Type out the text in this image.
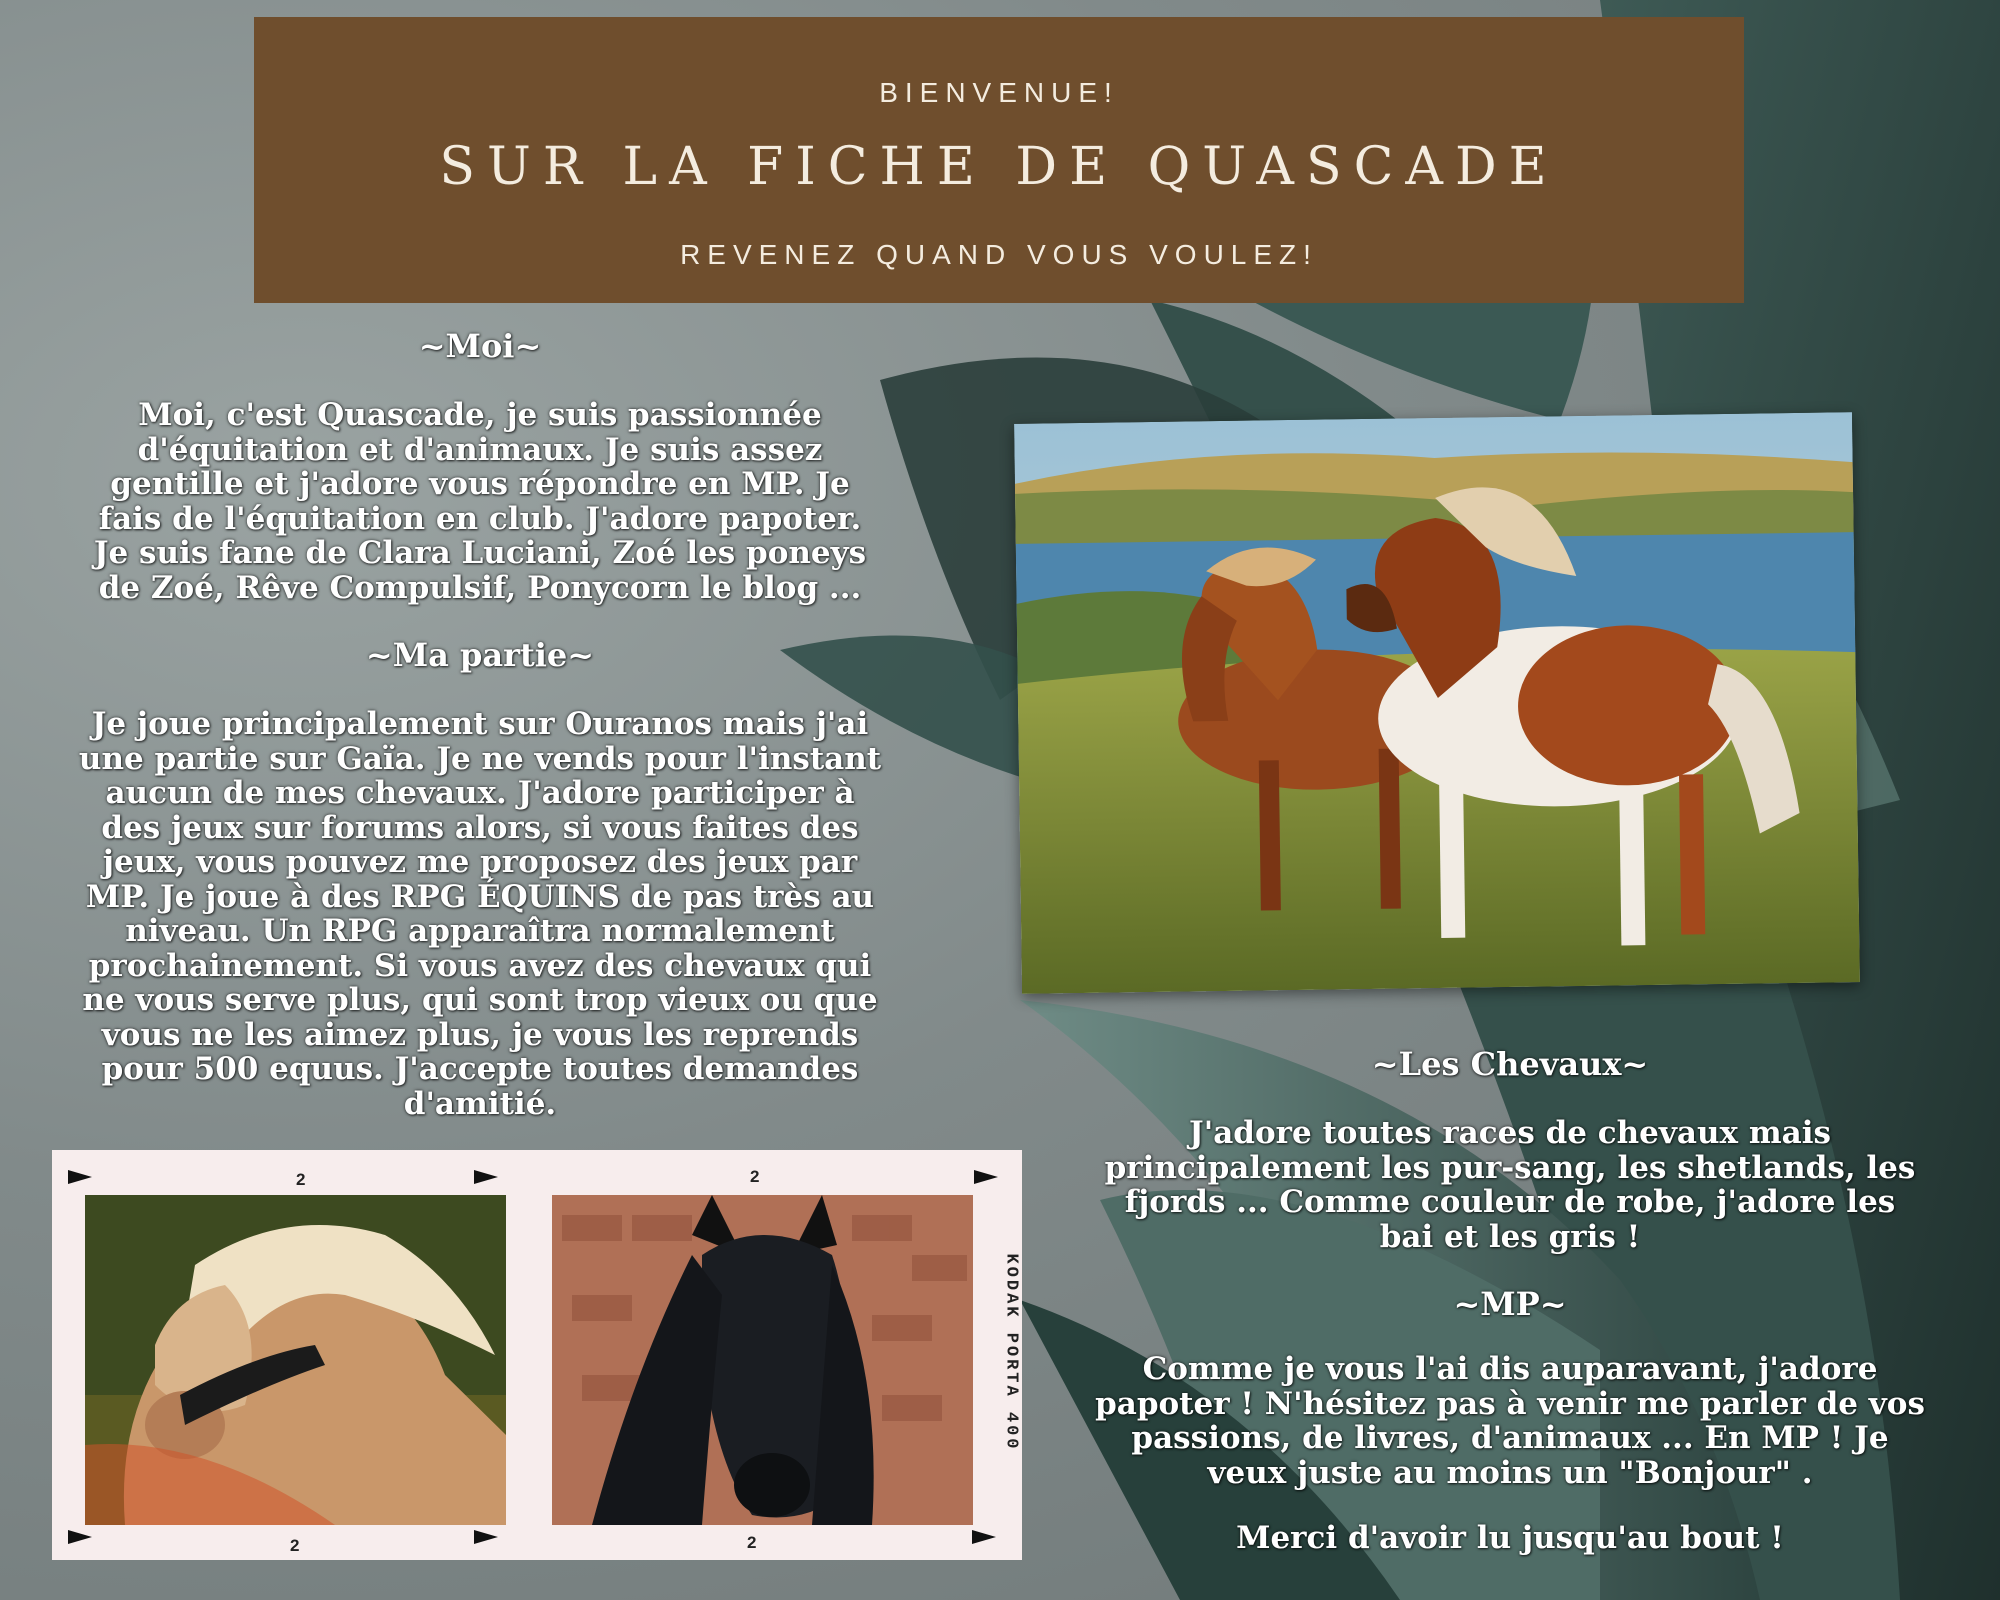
BIENVENUE!
SUR LA FICHE DE QUASCADE
REVENEZ QUAND VOUS VOULEZ!
~Moi~
Moi, c'est Quascade, je suis passionnée
d'équitation et d'animaux. Je suis assez
gentille et j'adore vous répondre en MP. Je
fais de l'équitation en club. J'adore papoter.
Je suis fane de Clara Luciani, Zoé les poneys
de Zoé, Rêve Compulsif, Ponycorn le blog ...
~Ma partie~
Je joue principalement sur Ouranos mais j'ai
une partie sur Gaïa. Je ne vends pour l'instant
aucun de mes chevaux. J'adore participer à
des jeux sur forums alors, si vous faites des
jeux, vous pouvez me proposez des jeux par
MP. Je joue à des RPG ÉQUINS de pas très au
niveau. Un RPG apparaîtra normalement
prochainement. Si vous avez des chevaux qui
ne vous serve plus, qui sont trop vieux ou que
vous ne les aimez plus, je vous les reprends
pour 500 equus. J'accepte toutes demandes
d'amitié.
~Les Chevaux~
J'adore toutes races de chevaux mais
principalement les pur-sang, les shetlands, les
fjords ... Comme couleur de robe, j'adore les
bai et les gris !
~MP~
Comme je vous l'ai dis auparavant, j'adore
papoter ! N'hésitez pas à venir me parler de vos
passions, de livres, d'animaux ... En MP ! Je
veux juste au moins un "Bonjour" .
Merci d'avoir lu jusqu'au bout !
2	2
2	2
KODAK PORTA 400
